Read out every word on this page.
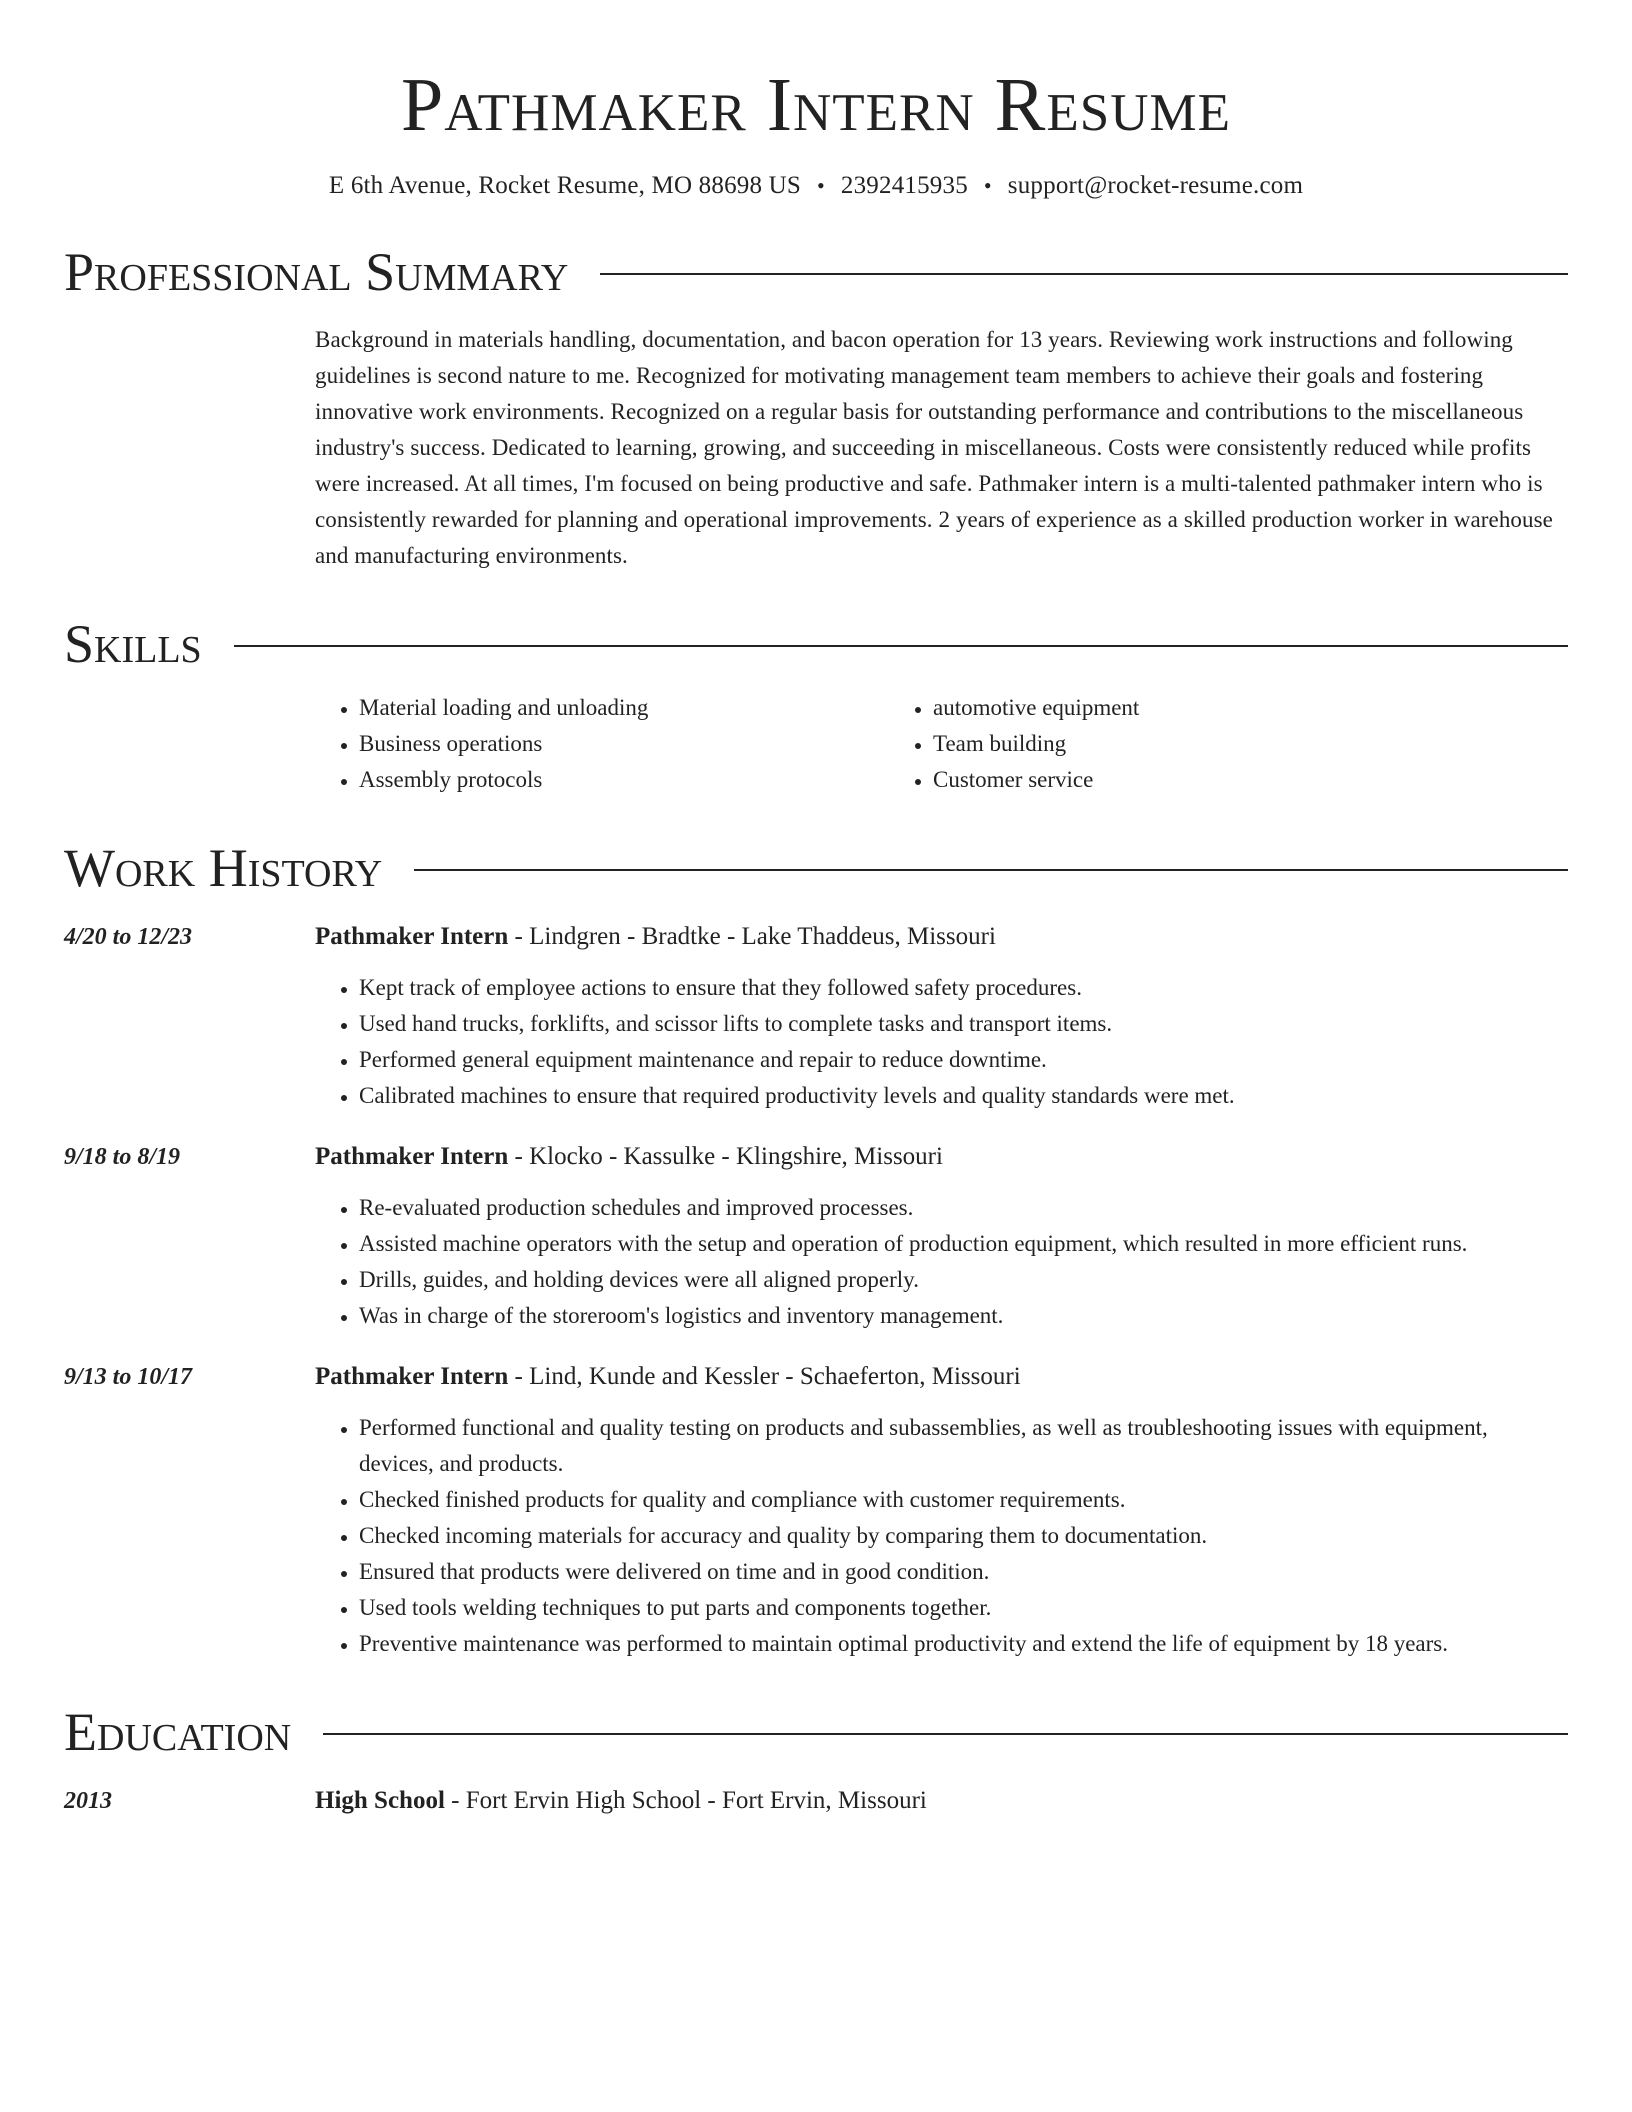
Pathmaker Intern Resume
E 6th Avenue, Rocket Resume, MO 88698 US • 2392415935 • support@rocket-resume.com
Professional Summary
Background in materials handling, documentation, and bacon operation for 13 years. Reviewing work instructions and following guidelines is second nature to me. Recognized for motivating management team members to achieve their goals and fostering innovative work environments. Recognized on a regular basis for outstanding performance and contributions to the miscellaneous industry's success. Dedicated to learning, growing, and succeeding in miscellaneous. Costs were consistently reduced while profits were increased. At all times, I'm focused on being productive and safe. Pathmaker intern is a multi-talented pathmaker intern who is consistently rewarded for planning and operational improvements. 2 years of experience as a skilled production worker in warehouse and manufacturing environments.
Skills
• Material loading and unloading
• Business operations
• Assembly protocols
• automotive equipment
• Team building
• Customer service
Work History
4/20 to 12/23	Pathmaker Intern - Lindgren - Bradtke - Lake Thaddeus, Missouri

• Kept track of employee actions to ensure that they followed safety procedures.
• Used hand trucks, forklifts, and scissor lifts to complete tasks and transport items.
• Performed general equipment maintenance and repair to reduce downtime.
• Calibrated machines to ensure that required productivity levels and quality standards were met.
9/18 to 8/19	Pathmaker Intern - Klocko - Kassulke - Klingshire, Missouri

• Re-evaluated production schedules and improved processes.
• Assisted machine operators with the setup and operation of production equipment, which resulted in more efficient runs.
• Drills, guides, and holding devices were all aligned properly.
• Was in charge of the storeroom's logistics and inventory management.
9/13 to 10/17	Pathmaker Intern - Lind, Kunde and Kessler - Schaeferton, Missouri

• Performed functional and quality testing on products and subassemblies, as well as troubleshooting issues with equipment, devices, and products.
• Checked finished products for quality and compliance with customer requirements.
• Checked incoming materials for accuracy and quality by comparing them to documentation.
• Ensured that products were delivered on time and in good condition.
• Used tools welding techniques to put parts and components together.
• Preventive maintenance was performed to maintain optimal productivity and extend the life of equipment by 18 years.
Education
2013	High School - Fort Ervin High School - Fort Ervin, Missouri
